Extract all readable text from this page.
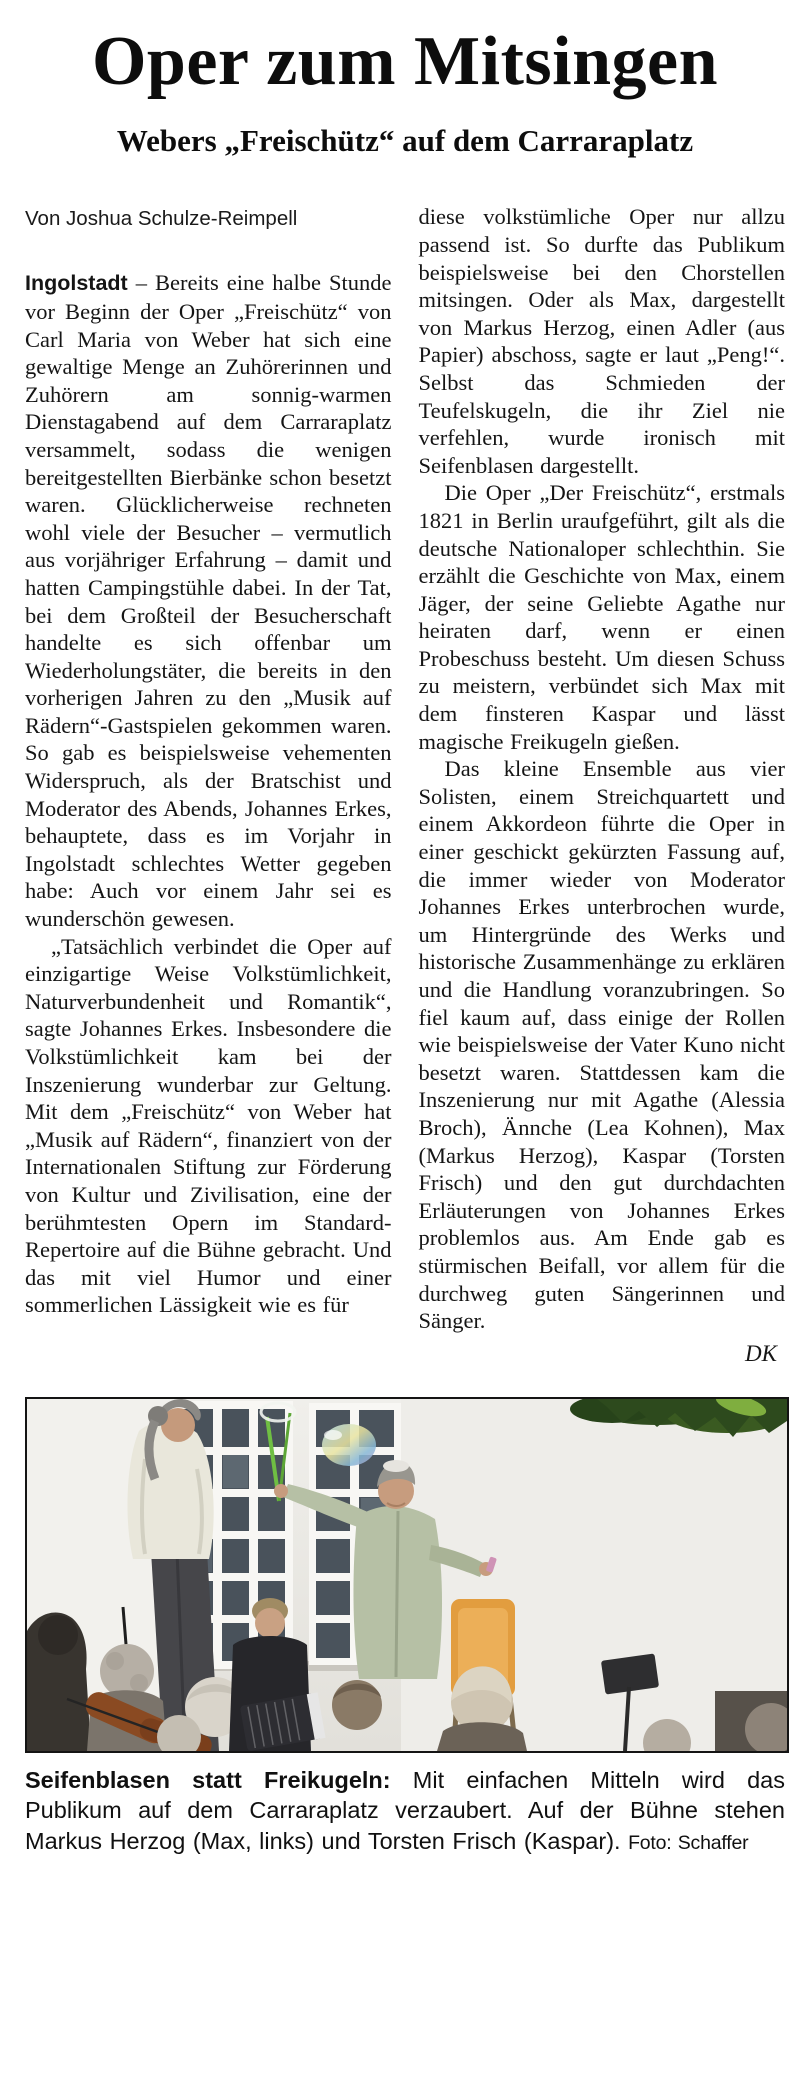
Oper zum Mitsingen
Webers „Freischütz“ auf dem Carraraplatz
Von Joshua Schulze-Reimpell

Ingolstadt – Bereits eine halbe Stunde vor Beginn der Oper „Freischütz“ von Carl Maria von Weber hat sich eine gewaltige Menge an Zuhörerinnen und Zuhörern am sonnig-warmen Dienstagabend auf dem Carraraplatz versammelt, sodass die wenigen bereitgestellten Bierbänke schon besetzt waren. Glücklicherweise rechneten wohl viele der Besucher – vermutlich aus vorjähriger Erfahrung – damit und hatten Campingstühle dabei. In der Tat, bei dem Großteil der Besucherschaft handelte es sich offenbar um Wiederholungstäter, die bereits in den vorherigen Jahren zu den „Musik auf Rädern“-Gastspielen gekommen waren. So gab es beispielsweise vehementen Widerspruch, als der Bratschist und Moderator des Abends, Johannes Erkes, behauptete, dass es im Vorjahr in Ingolstadt schlechtes Wetter gegeben habe: Auch vor einem Jahr sei es wunderschön gewesen.

„Tatsächlich verbindet die Oper auf einzigartige Weise Volkstümlichkeit, Naturverbundenheit und Romantik“, sagte Johannes Erkes. Insbesondere die Volkstümlichkeit kam bei der Inszenierung wunderbar zur Geltung. Mit dem „Freischütz“ von Weber hat „Musik auf Rädern“, finanziert von der Internationalen Stiftung zur Förderung von Kultur und Zivilisation, eine der berühmtesten Opern im Standard-Repertoire auf die Bühne gebracht. Und das mit viel Humor und einer sommerlichen Lässigkeit wie es für

diese volkstümliche Oper nur allzu passend ist. So durfte das Publikum beispielsweise bei den Chorstellen mitsingen. Oder als Max, dargestellt von Markus Herzog, einen Adler (aus Papier) abschoss, sagte er laut „Peng!“. Selbst das Schmieden der Teufelskugeln, die ihr Ziel nie verfehlen, wurde ironisch mit Seifenblasen dargestellt.

Die Oper „Der Freischütz“, erstmals 1821 in Berlin uraufgeführt, gilt als die deutsche Nationaloper schlechthin. Sie erzählt die Geschichte von Max, einem Jäger, der seine Geliebte Agathe nur heiraten darf, wenn er einen Probeschuss besteht. Um diesen Schuss zu meistern, verbündet sich Max mit dem finsteren Kaspar und lässt magische Freikugeln gießen.

Das kleine Ensemble aus vier Solisten, einem Streichquartett und einem Akkordeon führte die Oper in einer geschickt gekürzten Fassung auf, die immer wieder von Moderator Johannes Erkes unterbrochen wurde, um Hintergründe des Werks und historische Zusammenhänge zu erklären und die Handlung voranzubringen. So fiel kaum auf, dass einige der Rollen wie beispielsweise der Vater Kuno nicht besetzt waren. Stattdessen kam die Inszenierung nur mit Agathe (Alessia Broch), Ännche (Lea Kohnen), Max (Markus Herzog), Kaspar (Torsten Frisch) und den gut durchdachten Erläuterungen von Johannes Erkes problemlos aus. Am Ende gab es stürmischen Beifall, vor allem für die durchweg guten Sängerinnen und Sänger.

DK
Seifenblasen statt Freikugeln: Mit einfachen Mitteln wird das Publikum auf dem Carraraplatz verzaubert. Auf der Bühne stehen Markus Herzog (Max, links) und Torsten Frisch (Kaspar). Foto: Schaffer
